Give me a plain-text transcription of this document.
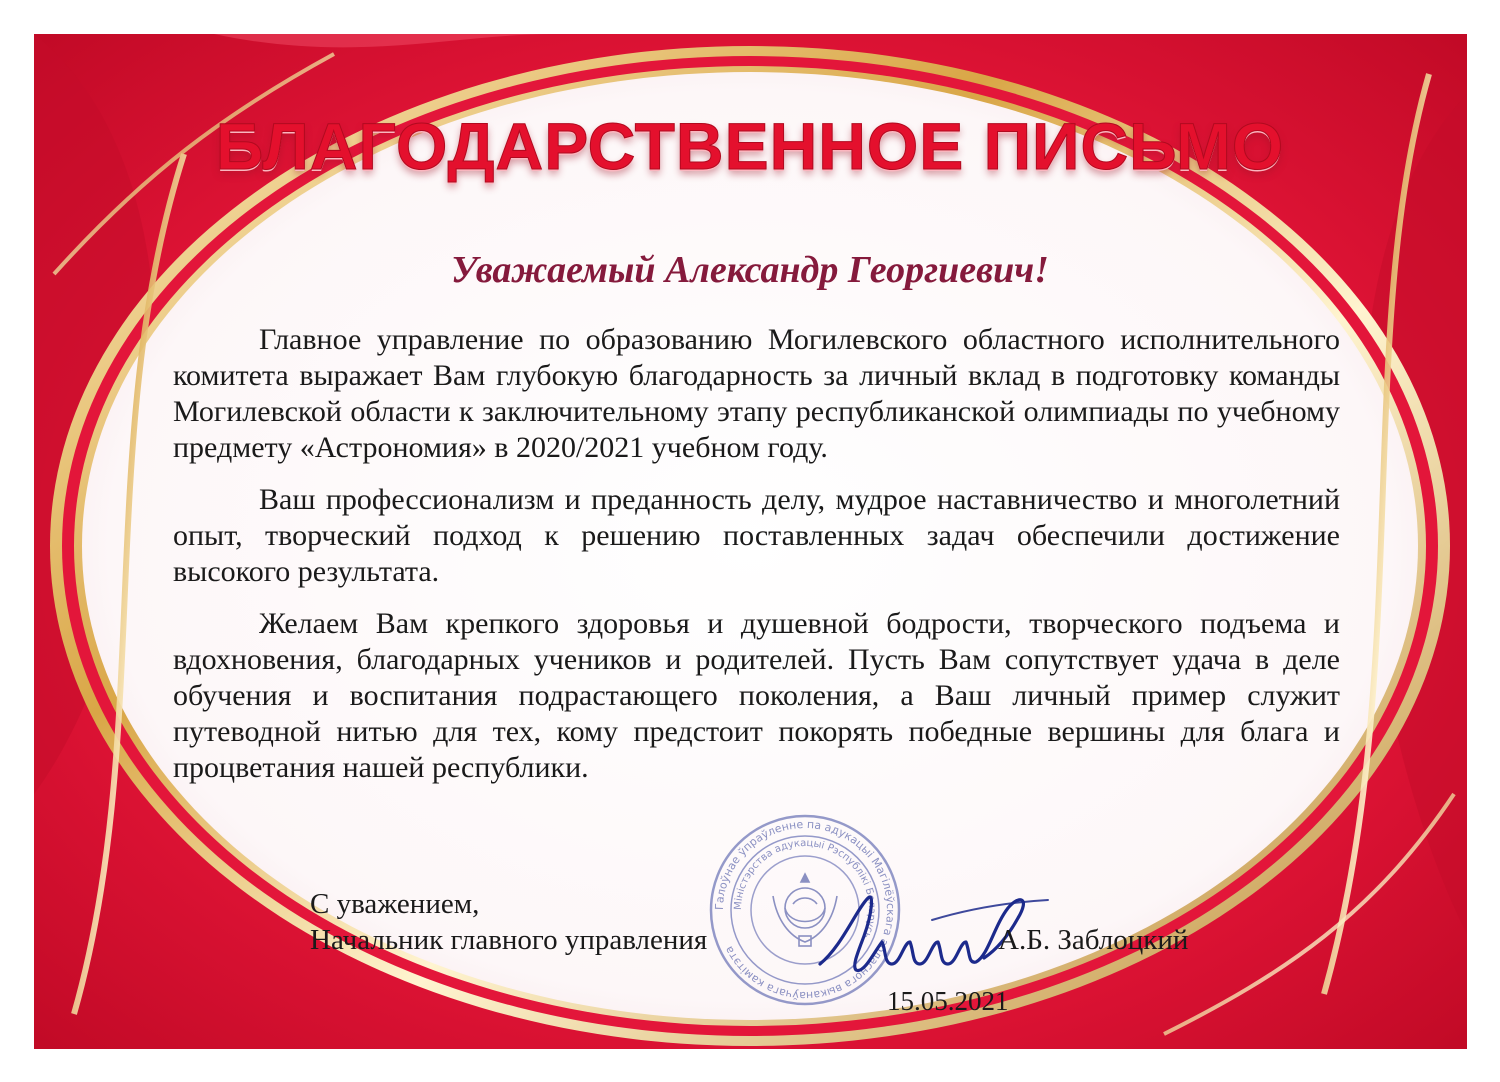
БЛАГОДАРСТВЕННОЕ ПИСЬМО
Уважаемый Александр Георгиевич!

Главное управление по образованию Могилевского областного исполнительного комитета выражает Вам глубокую благодарность за личный вклад в подготовку команды Могилевской области к заключительному этапу республиканской олимпиады по учебному предмету «Астрономия» в 2020/2021 учебном году.

Ваш профессионализм и преданность делу, мудрое наставничество и многолетний опыт, творческий подход к решению поставленных задач обеспечили достижение высокого результата.

Желаем Вам крепкого здоровья и душевной бодрости, творческого подъема и вдохновения, благодарных учеников и родителей. Пусть Вам сопутствует удача в деле обучения и воспитания подрастающего поколения, а Ваш личный пример служит путеводной нитью для тех, кому предстоит покорять победные вершины для блага и процветания нашей республики.

Галоўнае ўпраўленне па адукацыі Магілёўскага абласнога выканаўчага камітэта
Міністэрства адукацыі Рэспублікі Беларусь
С уважением,
Начальник главного управления	А.Б. Заблоцкий
15.05.2021
